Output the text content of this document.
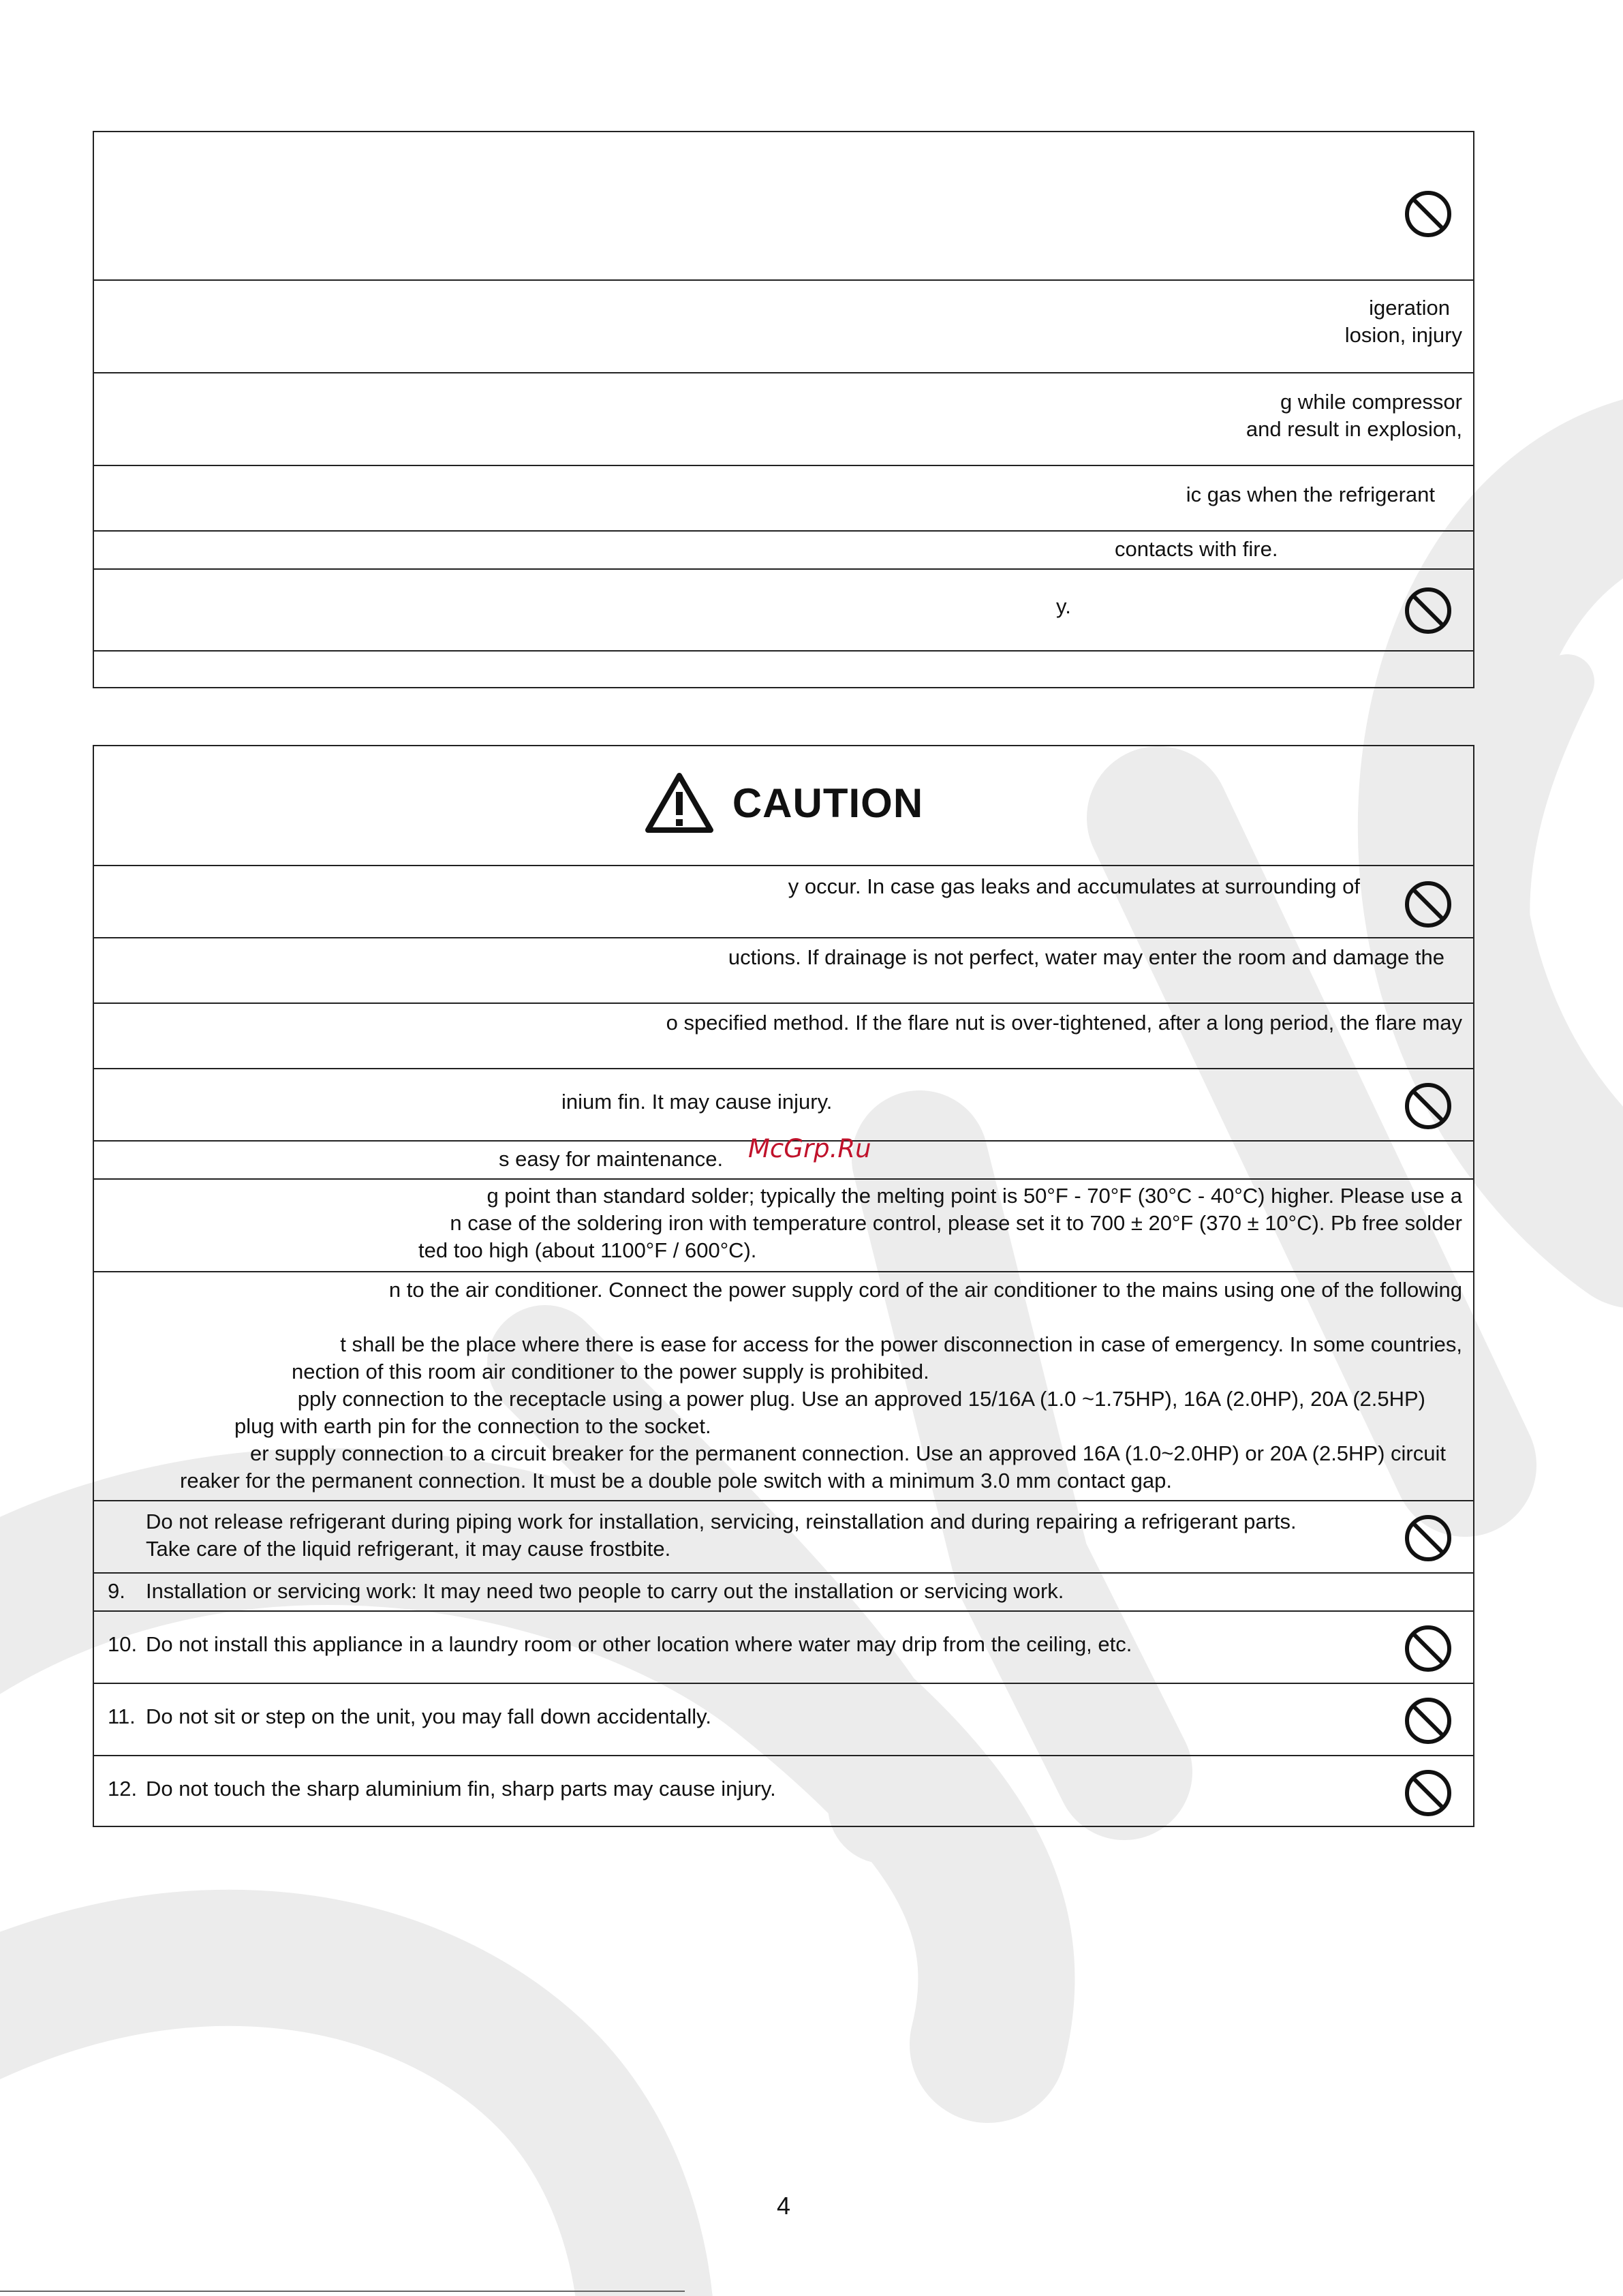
igeration
losion, injury
g while compressor
and result in explosion,
ic gas when the refrigerant
contacts with fire.
y.
CAUTION
y occur. In case gas leaks and accumulates at surrounding of
uctions. If drainage is not perfect, water may enter the room and damage the
o specified method. If the flare nut is over-tightened, after a long period, the flare may
inium fin. It may cause injury.
s easy for maintenance.
g point than standard solder; typically the melting point is 50°F - 70°F (30°C - 40°C) higher. Please use a
n case of the soldering iron with temperature control, please set it to 700 ± 20°F (370 ± 10°C). Pb free solder
ted too high (about 1100°F / 600°C).
n to the air conditioner. Connect the power supply cord of the air conditioner to the mains using one of the following
t shall be the place where there is ease for access for the power disconnection in case of emergency. In some countries,
nection of this room air conditioner to the power supply is prohibited.
pply connection to the receptacle using a power plug. Use an approved 15/16A (1.0 ~1.75HP), 16A (2.0HP), 20A (2.5HP)
plug with earth pin for the connection to the socket.
er supply connection to a circuit breaker for the permanent connection. Use an approved 16A (1.0~2.0HP) or 20A (2.5HP) circuit
reaker for the permanent connection. It must be a double pole switch with a minimum 3.0 mm contact gap.
Do not release refrigerant during piping work for installation, servicing, reinstallation and during repairing a refrigerant parts.
Take care of the liquid refrigerant, it may cause frostbite.
9. Installation or servicing work: It may need two people to carry out the installation or servicing work.
10. Do not install this appliance in a laundry room or other location where water may drip from the ceiling, etc.
11. Do not sit or step on the unit, you may fall down accidentally.
12. Do not touch the sharp aluminium fin, sharp parts may cause injury.
McGrp.Ru
4
